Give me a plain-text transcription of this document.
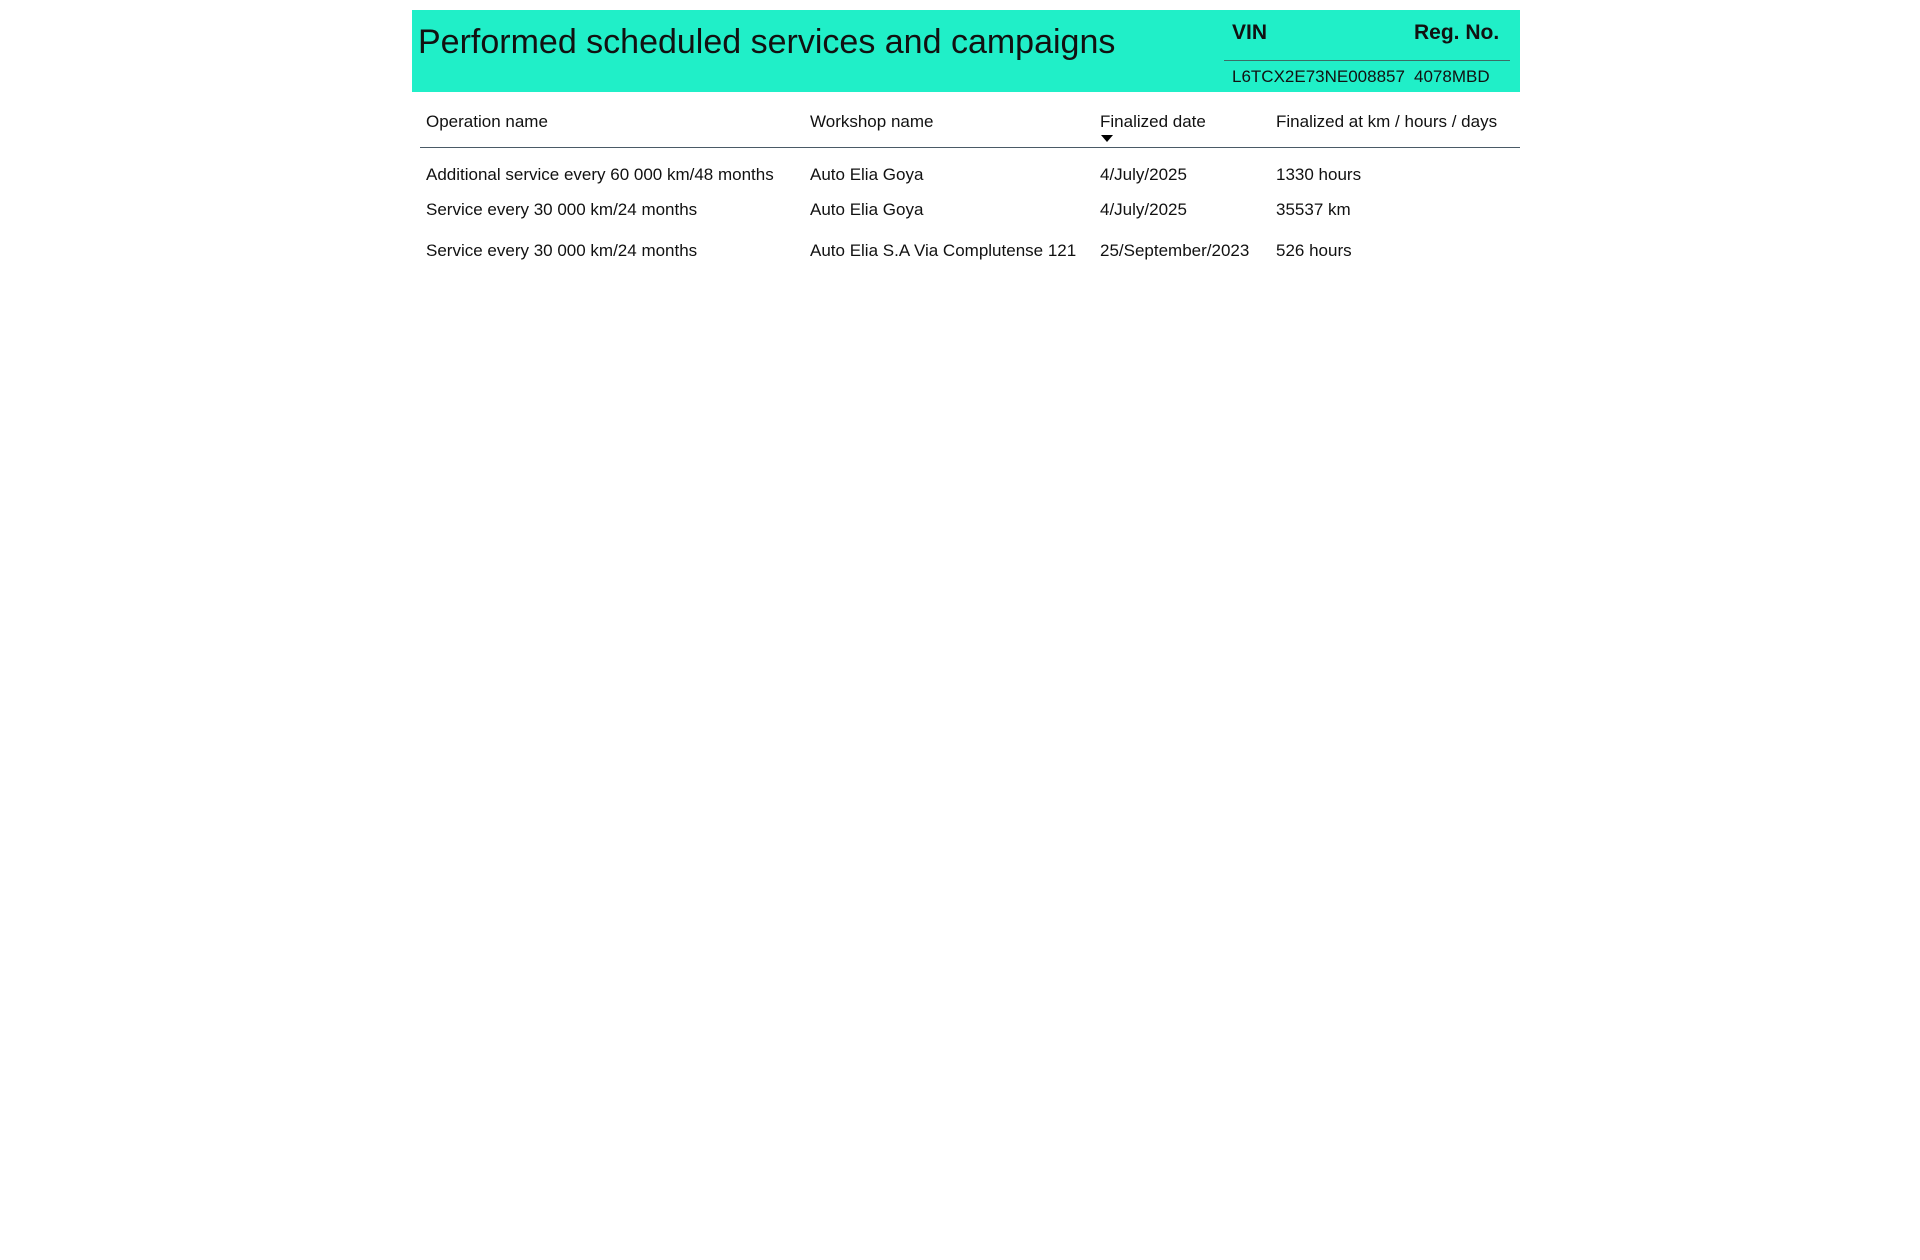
Performed scheduled services and campaigns	VIN	Reg. No.
L6TCX2E73NE008857 4078MBD
Operation name	Workshop name	Finalized date	Finalized at km / hours / days
Additional service every 60 000 km/48 months	Auto Elia Goya	4/July/2025	1330 hours
Service every 30 000 km/24 months	Auto Elia Goya	4/July/2025	35537 km
Service every 30 000 km/24 months	Auto Elia S.A Via Complutense 121	25/September/2023	526 hours
